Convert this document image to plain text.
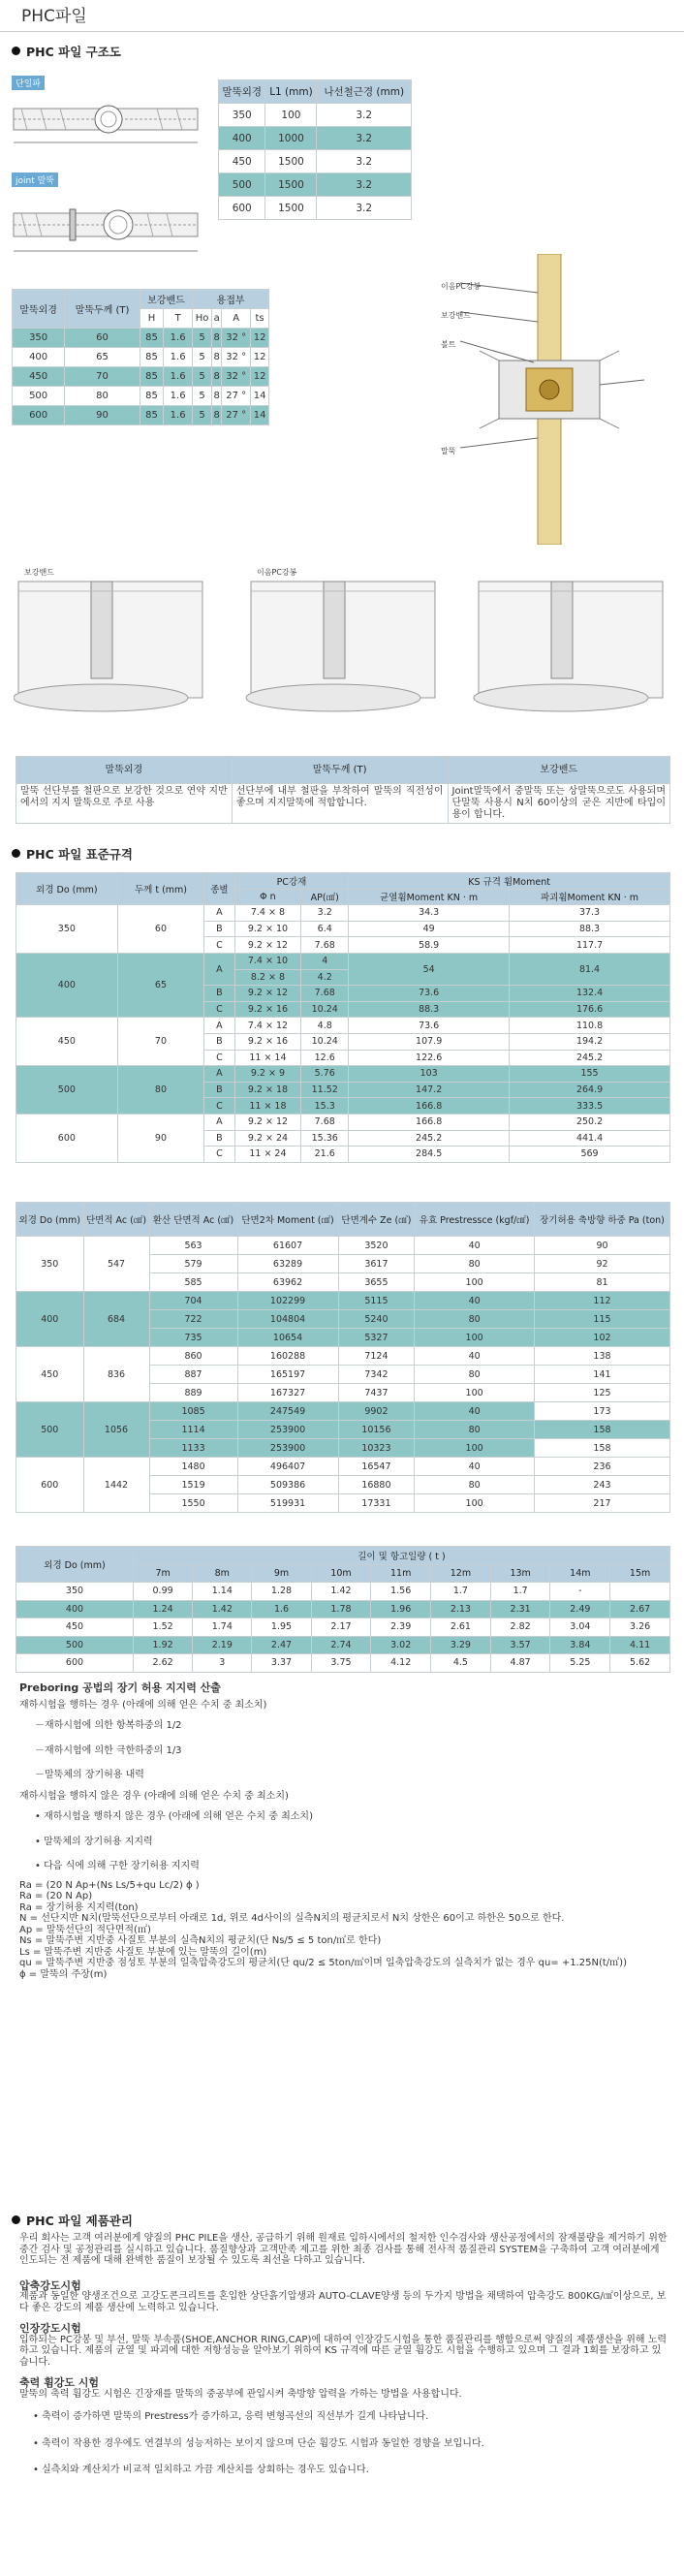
PHC파일
PHC 파일 구조도
단일파
joint 말뚝
말뚝외경	L1 (mm)	나선철근경 (mm)
350	100	3.2
400	1000	3.2
450	1500	3.2
500	1500	3.2
600	1500	3.2
말뚝외경	말뚝두께 (T)	보강밴드		용접부			
		H	T	Ho	a	A	ts
350	60	85	1.6	5	8	32 °	12
400	65	85	1.6	5	8	32 °	12
450	70	85	1.6	5	8	32 °	12
500	80	85	1.6	5	8	27 °	14
600	90	85	1.6	5	8	27 °	14
이음PC강봉
보강밴드
볼트
말뚝
보강밴드	이음PC강봉
말뚝외경	말뚝두께 (T)	보강밴드
말뚝 선단부를 철판으로 보강한 것으로 연약 지반에서의 지지 말뚝으로 주로 사용	선단부에 내부 철판을 부착하여 말뚝의 직전성이 좋으며 지지말뚝에 적합합니다.	Joint말뚝에서 중말뚝 또는 상말뚝으로도 사용되며 단말뚝 사용시 N치 60이상의 굳은 지반에 타입이 용이 합니다.
PHC 파일 표준규격
외경 Do (mm)	두께 t (mm)	종별	PC강재		KS 규격 휨Moment	
			Φ n	AP(㎠)	균열휨Moment KN · m	파괴휨Moment KN · m
350	60	A	7.4 × 8	3.2	34.3	37.3
		B	9.2 × 10	6.4	49	88.3
		C	9.2 × 12	7.68	58.9	117.7
400	65	A	7.4 × 10	4	54	81.4
			8.2 × 8	4.2		
		B	9.2 × 12	7.68	73.6	132.4
		C	9.2 × 16	10.24	88.3	176.6
450	70	A	7.4 × 12	4.8	73.6	110.8
		B	9.2 × 16	10.24	107.9	194.2
		C	11 × 14	12.6	122.6	245.2
500	80	A	9.2 × 9	5.76	103	155
		B	9.2 × 18	11.52	147.2	264.9
		C	11 × 18	15.3	166.8	333.5
600	90	A	9.2 × 12	7.68	166.8	250.2
		B	9.2 × 24	15.36	245.2	441.4
		C	11 × 24	21.6	284.5	569
외경 Do (mm)	단면적 Ac (㎠)	환산 단면적 Ac (㎠)	단면2차 Moment (㎠)	단면계수 Ze (㎤)	유효 Prestressce (kgf/㎠)	장기허용 축방향 하중 Pa (ton)
350	547	563	61607	3520	40	90
		579	63289	3617	80	92
		585	63962	3655	100	81
400	684	704	102299	5115	40	112
		722	104804	5240	80	115
		735	10654	5327	100	102
450	836	860	160288	7124	40	138
		887	165197	7342	80	141
		889	167327	7437	100	125
500	1056	1085	247549	9902	40	173
		1114	253900	10156	80	158
		1133	253900	10323	100	158
600	1442	1480	496407	16547	40	236
		1519	509386	16880	80	243
		1550	519931	17331	100	217
외경 Do (mm)	길이 및 항고일량 ( t )								
	7m	8m	9m	10m	11m	12m	13m	14m	15m
350	0.99	1.14	1.28	1.42	1.56	1.7	1.7	-	
400	1.24	1.42	1.6	1.78	1.96	2.13	2.31	2.49	2.67
450	1.52	1.74	1.95	2.17	2.39	2.61	2.82	3.04	3.26
500	1.92	2.19	2.47	2.74	3.02	3.29	3.57	3.84	4.11
600	2.62	3	3.37	3.75	4.12	4.5	4.87	5.25	5.62

Preboring 공법의 장기 허용 지지력 산출

재하시험을 행하는 경우 (아래에 의해 얻은 수치 중 최소치)

－재하시험에 의한 항복하중의 1/2

－재하시험에 의한 극한하중의 1/3

－말뚝체의 장기허용 내력

재하시험을 행하지 않은 경우 (아래에 의해 얻은 수치 중 최소치)

• 재하시험을 행하지 않은 경우 (아래에 의해 얻은 수치 중 최소치)

• 말뚝체의 장기허용 지지력

• 다음 식에 의해 구한 장기허용 지지력

Ra = (20 N Ap+(Ns Ls/5+qu Lc/2) ϕ )

Ra = (20 N Ap)

Ra = 장기허용 지지력(ton)

N = 선단지반 N치(말뚝선단으로부터 아래로 1d, 위로 4d사이의 실측N치의 평균치로서 N치 상한은 60이고 하한은 50으로 한다.

Ap = 말뚝선단의 적단면적(㎡)

Ns = 말뚝주변 지반중 사질토 부분의 실측N치의 평균치(단 Ns/5 ≤ 5 ton/㎡로 한다)

Ls = 말뚝주변 지반중 사질토 부분에 있는 말뚝의 길이(m)

qu = 말뚝주변 지반중 점성토 부분의 일축압축강도의 평균치(단 qu/2 ≤ 5ton/㎡이며 일축압축강도의 실측치가 없는 경우 qu= +1.25N(t/㎡))

ϕ = 말뚝의 주장(m)

PHC 파일 제품관리

우리 회사는 고객 여러분에게 양질의 PHC PILE을 생산, 공급하기 위해 원재료 입하시에서의 철저한 인수검사와 생산공정에서의 잠재불량을 제거하기 위한 중간 검사 및 공정관리를 실시하고 있습니다. 품질향상과 고객만족 제고를 위한 최종 검사를 통해 전사적 품질관리 SYSTEM을 구축하여 고객 여러분에게 인도되는 전 제품에 대해 완벽한 품질이 보장될 수 있도록 최선을 다하고 있습니다.

압축강도시험

제품과 동일한 양생조건으로 고강도콘크리트를 혼입한 상단흙기압생과 AUTO-CLAVE양생 등의 두가지 방법을 채택하여 압축강도 800KG/㎠이상으로, 보다 좋은 강도의 제품 생산에 노력하고 있습니다.

인장강도시험

입하되는 PC강봉 및 부선, 말뚝 부속품(SHOE,ANCHOR RING,CAP)에 대하여 인장강도시험을 통한 품질관리를 행함으로써 양질의 제품생산을 위해 노력하고 있습니다. 제품의 균열 및 파괴에 대한 저항성능을 알아보기 위하여 KS 규격에 따른 균열 휨강도 시험을 수행하고 있으며 그 결과 1회를 보장하고 있습니다.

축력 휨강도 시험

말뚝의 축력 휨강도 시험은 긴장재를 말뚝의 중공부에 관입시켜 축방향 압력을 가하는 방법을 사용합니다.

• 축력이 증가하면 말뚝의 Prestress가 증가하고, 응력 변형곡선의 직선부가 길게 나타납니다.

• 축력이 작용한 경우에도 연결부의 성능저하는 보이지 않으며 단순 휨강도 시험과 동일한 경향을 보입니다.

• 실측치와 계산치가 비교적 일치하고 가끔 계산치를 상회하는 경우도 있습니다.
